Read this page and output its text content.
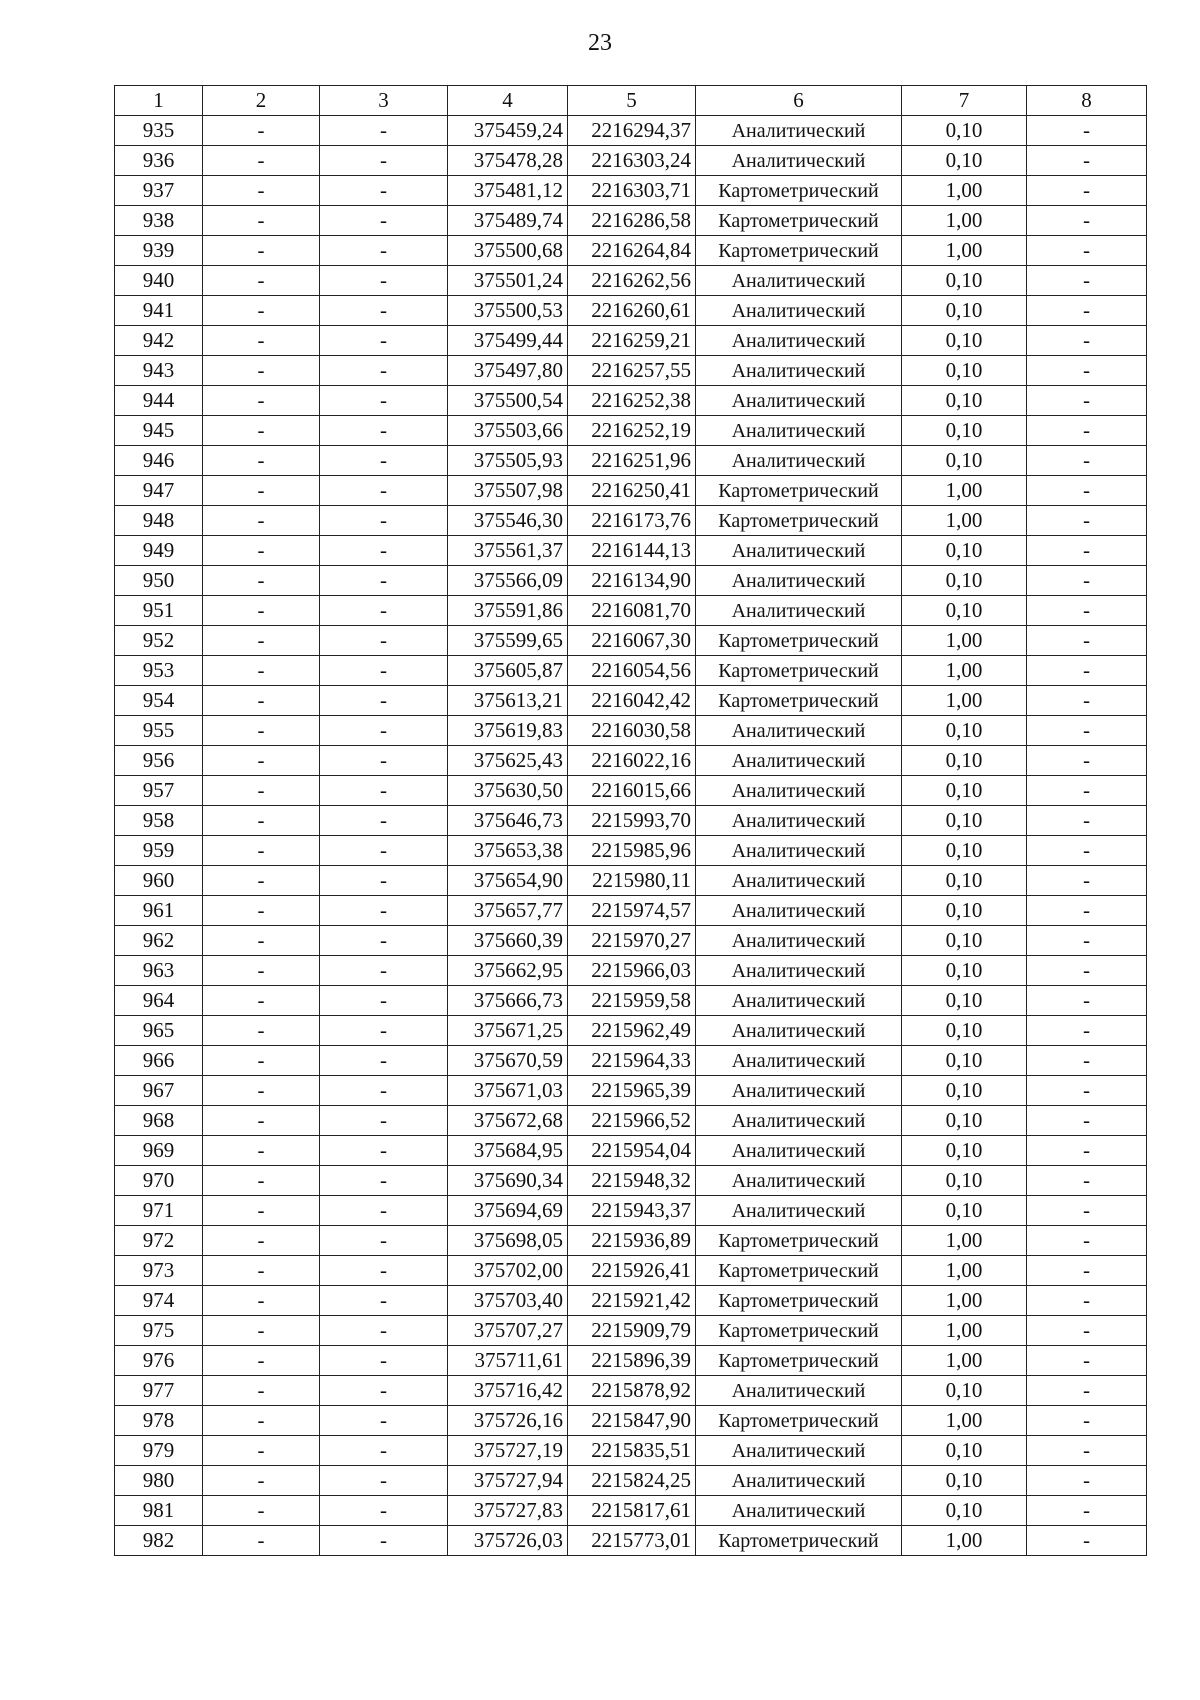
23
1	2	3	4	5	6	7	8
935	-	-	375459,24	2216294,37	Аналитический	0,10	-
936	-	-	375478,28	2216303,24	Аналитический	0,10	-
937	-	-	375481,12	2216303,71	Картометрический	1,00	-
938	-	-	375489,74	2216286,58	Картометрический	1,00	-
939	-	-	375500,68	2216264,84	Картометрический	1,00	-
940	-	-	375501,24	2216262,56	Аналитический	0,10	-
941	-	-	375500,53	2216260,61	Аналитический	0,10	-
942	-	-	375499,44	2216259,21	Аналитический	0,10	-
943	-	-	375497,80	2216257,55	Аналитический	0,10	-
944	-	-	375500,54	2216252,38	Аналитический	0,10	-
945	-	-	375503,66	2216252,19	Аналитический	0,10	-
946	-	-	375505,93	2216251,96	Аналитический	0,10	-
947	-	-	375507,98	2216250,41	Картометрический	1,00	-
948	-	-	375546,30	2216173,76	Картометрический	1,00	-
949	-	-	375561,37	2216144,13	Аналитический	0,10	-
950	-	-	375566,09	2216134,90	Аналитический	0,10	-
951	-	-	375591,86	2216081,70	Аналитический	0,10	-
952	-	-	375599,65	2216067,30	Картометрический	1,00	-
953	-	-	375605,87	2216054,56	Картометрический	1,00	-
954	-	-	375613,21	2216042,42	Картометрический	1,00	-
955	-	-	375619,83	2216030,58	Аналитический	0,10	-
956	-	-	375625,43	2216022,16	Аналитический	0,10	-
957	-	-	375630,50	2216015,66	Аналитический	0,10	-
958	-	-	375646,73	2215993,70	Аналитический	0,10	-
959	-	-	375653,38	2215985,96	Аналитический	0,10	-
960	-	-	375654,90	2215980,11	Аналитический	0,10	-
961	-	-	375657,77	2215974,57	Аналитический	0,10	-
962	-	-	375660,39	2215970,27	Аналитический	0,10	-
963	-	-	375662,95	2215966,03	Аналитический	0,10	-
964	-	-	375666,73	2215959,58	Аналитический	0,10	-
965	-	-	375671,25	2215962,49	Аналитический	0,10	-
966	-	-	375670,59	2215964,33	Аналитический	0,10	-
967	-	-	375671,03	2215965,39	Аналитический	0,10	-
968	-	-	375672,68	2215966,52	Аналитический	0,10	-
969	-	-	375684,95	2215954,04	Аналитический	0,10	-
970	-	-	375690,34	2215948,32	Аналитический	0,10	-
971	-	-	375694,69	2215943,37	Аналитический	0,10	-
972	-	-	375698,05	2215936,89	Картометрический	1,00	-
973	-	-	375702,00	2215926,41	Картометрический	1,00	-
974	-	-	375703,40	2215921,42	Картометрический	1,00	-
975	-	-	375707,27	2215909,79	Картометрический	1,00	-
976	-	-	375711,61	2215896,39	Картометрический	1,00	-
977	-	-	375716,42	2215878,92	Аналитический	0,10	-
978	-	-	375726,16	2215847,90	Картометрический	1,00	-
979	-	-	375727,19	2215835,51	Аналитический	0,10	-
980	-	-	375727,94	2215824,25	Аналитический	0,10	-
981	-	-	375727,83	2215817,61	Аналитический	0,10	-
982	-	-	375726,03	2215773,01	Картометрический	1,00	-
